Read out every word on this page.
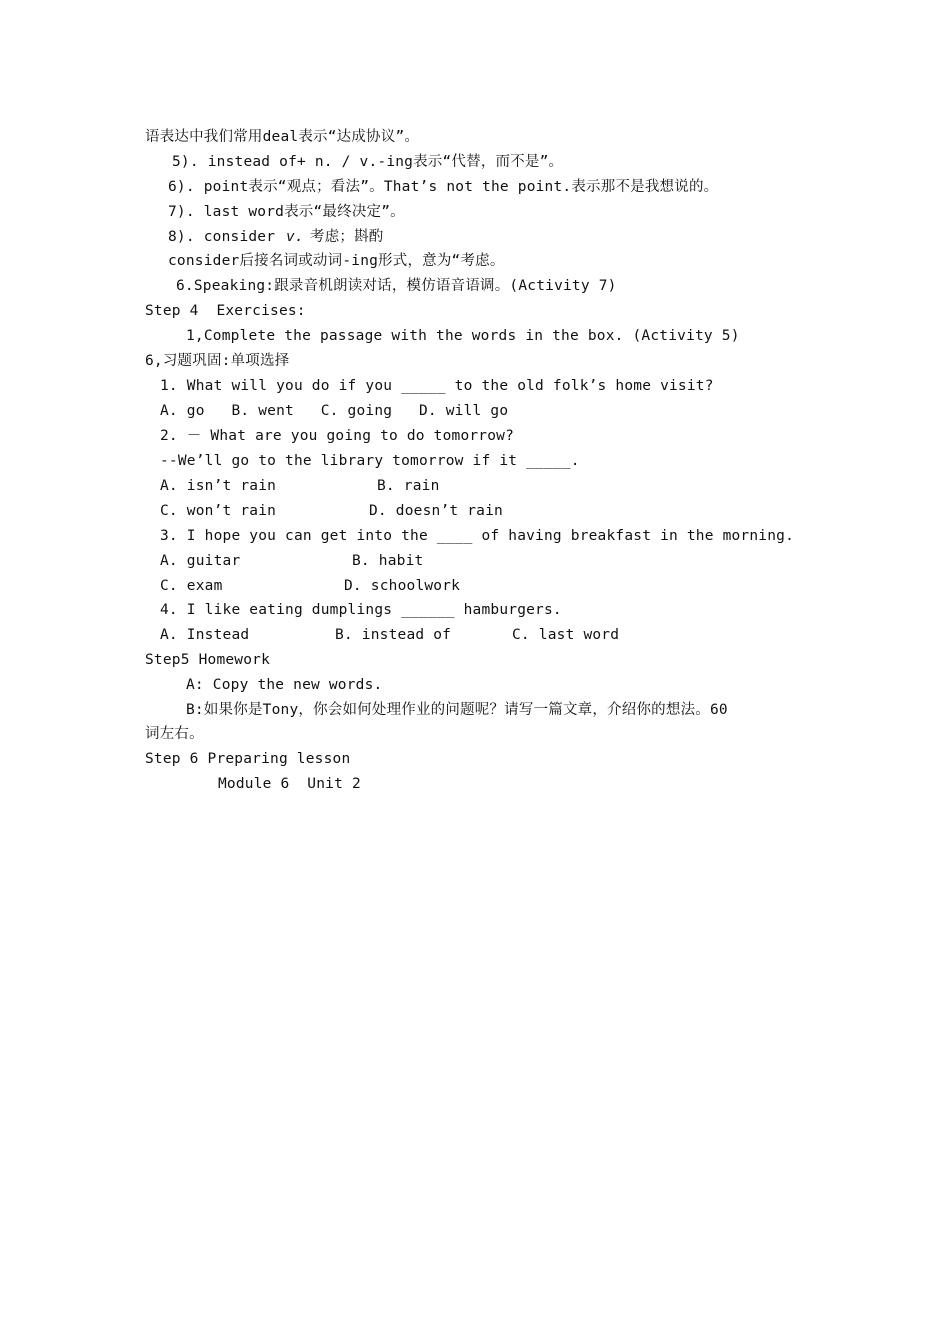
语表达中我们常用deal表示“达成协议”。
5). instead of+ n. / v.-ing表示“代替，而不是”。
6). point表示“观点；看法”。That’s not the point.表示那不是我想说的。
7). last word表示“最终决定”。
8). consider v. 考虑；斟酌
consider后接名词或动词-ing形式，意为“考虑。
6.Speaking:跟录音机朗读对话，模仿语音语调。(Activity 7)
Step 4  Exercises:
1,Complete the passage with the words in the box. (Activity 5)
6,习题巩固:单项选择
1. What will you do if you _____ to the old folk’s home visit?
A. go   B. went   C. going   D. will go
2. － What are you going to do tomorrow?
--We’ll go to the library tomorrow if it _____.
A. isn’t rain	B. rain
C. won’t rain	D. doesn’t rain
3. I hope you can get into the ____ of having breakfast in the morning.
A. guitar	B. habit
C. exam	D. schoolwork
4. I like eating dumplings ______ hamburgers.
A. Instead	B. instead of	C. last word
Step5 Homework
A: Copy the new words.
B:如果你是Tony，你会如何处理作业的问题呢？请写一篇文章，介绍你的想法。60
词左右。
Step 6 Preparing lesson
Module 6  Unit 2
